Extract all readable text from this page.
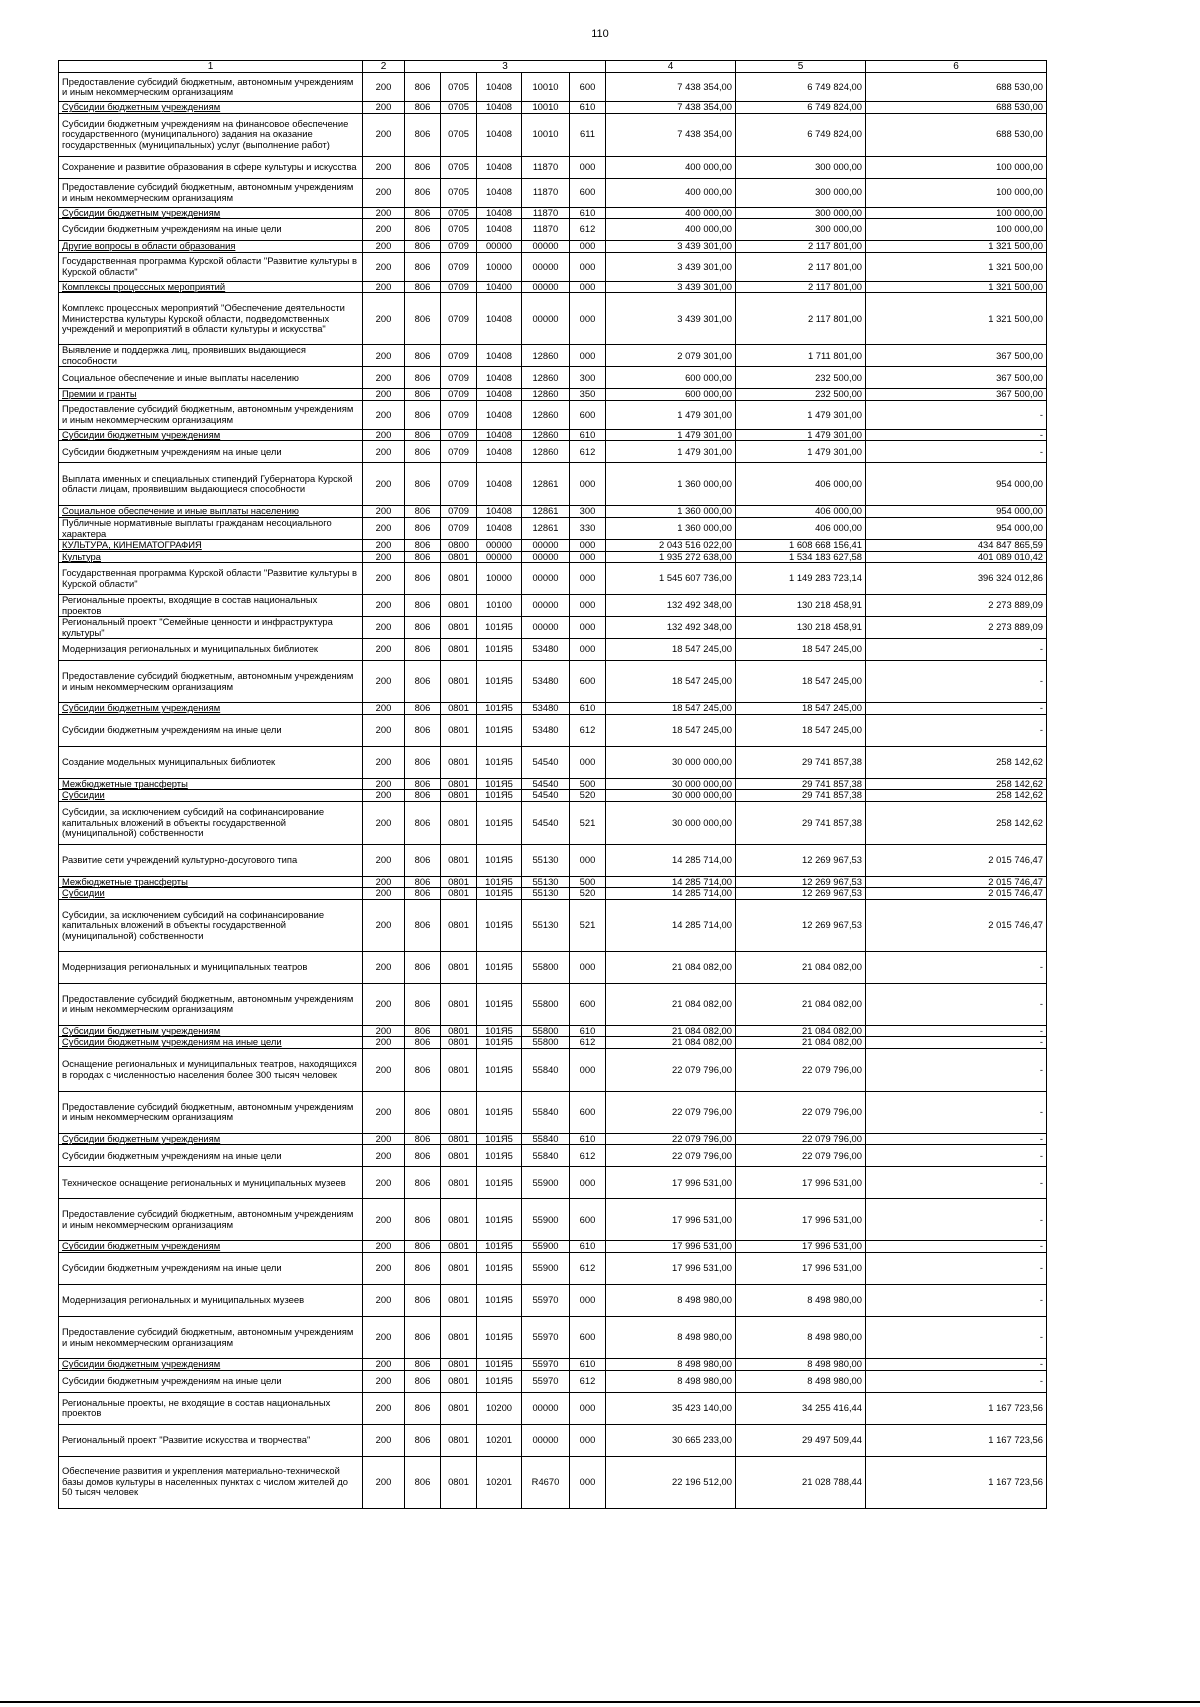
110
1	2	3					4	5	6
Предоставление субсидий бюджетным, автономным учреждениям и иным некоммерческим организациям	200	806	0705	10408	10010	600	7 438 354,00	6 749 824,00	688 530,00
Субсидии бюджетным учреждениям	200	806	0705	10408	10010	610	7 438 354,00	6 749 824,00	688 530,00
Субсидии бюджетным учреждениям на финансовое обеспечение государственного (муниципального) задания на оказание государственных (муниципальных) услуг (выполнение работ)	200	806	0705	10408	10010	611	7 438 354,00	6 749 824,00	688 530,00
Сохранение и развитие образования в сфере культуры и искусства	200	806	0705	10408	11870	000	400 000,00	300 000,00	100 000,00
Предоставление субсидий бюджетным, автономным учреждениям и иным некоммерческим организациям	200	806	0705	10408	11870	600	400 000,00	300 000,00	100 000,00
Субсидии бюджетным учреждениям	200	806	0705	10408	11870	610	400 000,00	300 000,00	100 000,00
Субсидии бюджетным учреждениям на иные цели	200	806	0705	10408	11870	612	400 000,00	300 000,00	100 000,00
Другие вопросы в области образования	200	806	0709	00000	00000	000	3 439 301,00	2 117 801,00	1 321 500,00
Государственная программа Курской области "Развитие культуры в Курской области"	200	806	0709	10000	00000	000	3 439 301,00	2 117 801,00	1 321 500,00
Комплексы процессных мероприятий	200	806	0709	10400	00000	000	3 439 301,00	2 117 801,00	1 321 500,00
Комплекс процессных мероприятий "Обеспечение деятельности Министерства культуры Курской области, подведомственных учреждений и мероприятий в области культуры и искусства"	200	806	0709	10408	00000	000	3 439 301,00	2 117 801,00	1 321 500,00
Выявление и поддержка лиц, проявивших выдающиеся способности	200	806	0709	10408	12860	000	2 079 301,00	1 711 801,00	367 500,00
Социальное обеспечение и иные выплаты населению	200	806	0709	10408	12860	300	600 000,00	232 500,00	367 500,00
Премии и гранты	200	806	0709	10408	12860	350	600 000,00	232 500,00	367 500,00
Предоставление субсидий бюджетным, автономным учреждениям и иным некоммерческим организациям	200	806	0709	10408	12860	600	1 479 301,00	1 479 301,00	-
Субсидии бюджетным учреждениям	200	806	0709	10408	12860	610	1 479 301,00	1 479 301,00	-
Субсидии бюджетным учреждениям на иные цели	200	806	0709	10408	12860	612	1 479 301,00	1 479 301,00	-
Выплата именных и специальных стипендий Губернатора Курской области лицам, проявившим выдающиеся способности	200	806	0709	10408	12861	000	1 360 000,00	406 000,00	954 000,00
Социальное обеспечение и иные выплаты населению	200	806	0709	10408	12861	300	1 360 000,00	406 000,00	954 000,00
Публичные нормативные выплаты гражданам несоциального характера	200	806	0709	10408	12861	330	1 360 000,00	406 000,00	954 000,00
КУЛЬТУРА, КИНЕМАТОГРАФИЯ	200	806	0800	00000	00000	000	2 043 516 022,00	1 608 668 156,41	434 847 865,59
Культура	200	806	0801	00000	00000	000	1 935 272 638,00	1 534 183 627,58	401 089 010,42
Государственная программа Курской области "Развитие культуры в Курской области"	200	806	0801	10000	00000	000	1 545 607 736,00	1 149 283 723,14	396 324 012,86
Региональные проекты, входящие в состав национальных проектов	200	806	0801	10100	00000	000	132 492 348,00	130 218 458,91	2 273 889,09
Региональный проект "Семейные ценности и инфраструктура культуры"	200	806	0801	101Я5	00000	000	132 492 348,00	130 218 458,91	2 273 889,09
Модернизация региональных и муниципальных библиотек	200	806	0801	101Я5	53480	000	18 547 245,00	18 547 245,00	-
Предоставление субсидий бюджетным, автономным учреждениям и иным некоммерческим организациям	200	806	0801	101Я5	53480	600	18 547 245,00	18 547 245,00	-
Субсидии бюджетным учреждениям	200	806	0801	101Я5	53480	610	18 547 245,00	18 547 245,00	-
Субсидии бюджетным учреждениям на иные цели	200	806	0801	101Я5	53480	612	18 547 245,00	18 547 245,00	-
Создание модельных муниципальных библиотек	200	806	0801	101Я5	54540	000	30 000 000,00	29 741 857,38	258 142,62
Межбюджетные трансферты	200	806	0801	101Я5	54540	500	30 000 000,00	29 741 857,38	258 142,62
Субсидии	200	806	0801	101Я5	54540	520	30 000 000,00	29 741 857,38	258 142,62
Субсидии, за исключением субсидий на софинансирование капитальных вложений в объекты государственной (муниципальной) собственности	200	806	0801	101Я5	54540	521	30 000 000,00	29 741 857,38	258 142,62
Развитие сети учреждений культурно-досугового типа	200	806	0801	101Я5	55130	000	14 285 714,00	12 269 967,53	2 015 746,47
Межбюджетные трансферты	200	806	0801	101Я5	55130	500	14 285 714,00	12 269 967,53	2 015 746,47
Субсидии	200	806	0801	101Я5	55130	520	14 285 714,00	12 269 967,53	2 015 746,47
Субсидии, за исключением субсидий на софинансирование капитальных вложений в объекты государственной (муниципальной) собственности	200	806	0801	101Я5	55130	521	14 285 714,00	12 269 967,53	2 015 746,47
Модернизация региональных и муниципальных театров	200	806	0801	101Я5	55800	000	21 084 082,00	21 084 082,00	-
Предоставление субсидий бюджетным, автономным учреждениям и иным некоммерческим организациям	200	806	0801	101Я5	55800	600	21 084 082,00	21 084 082,00	-
Субсидии бюджетным учреждениям	200	806	0801	101Я5	55800	610	21 084 082,00	21 084 082,00	-
Субсидии бюджетным учреждениям на иные цели	200	806	0801	101Я5	55800	612	21 084 082,00	21 084 082,00	-
Оснащение региональных и муниципальных театров, находящихся в городах с численностью населения более 300 тысяч человек	200	806	0801	101Я5	55840	000	22 079 796,00	22 079 796,00	-
Предоставление субсидий бюджетным, автономным учреждениям и иным некоммерческим организациям	200	806	0801	101Я5	55840	600	22 079 796,00	22 079 796,00	-
Субсидии бюджетным учреждениям	200	806	0801	101Я5	55840	610	22 079 796,00	22 079 796,00	-
Субсидии бюджетным учреждениям на иные цели	200	806	0801	101Я5	55840	612	22 079 796,00	22 079 796,00	-
Техническое оснащение региональных и муниципальных музеев	200	806	0801	101Я5	55900	000	17 996 531,00	17 996 531,00	-
Предоставление субсидий бюджетным, автономным учреждениям и иным некоммерческим организациям	200	806	0801	101Я5	55900	600	17 996 531,00	17 996 531,00	-
Субсидии бюджетным учреждениям	200	806	0801	101Я5	55900	610	17 996 531,00	17 996 531,00	-
Субсидии бюджетным учреждениям на иные цели	200	806	0801	101Я5	55900	612	17 996 531,00	17 996 531,00	-
Модернизация региональных и муниципальных музеев	200	806	0801	101Я5	55970	000	8 498 980,00	8 498 980,00	-
Предоставление субсидий бюджетным, автономным учреждениям и иным некоммерческим организациям	200	806	0801	101Я5	55970	600	8 498 980,00	8 498 980,00	-
Субсидии бюджетным учреждениям	200	806	0801	101Я5	55970	610	8 498 980,00	8 498 980,00	-
Субсидии бюджетным учреждениям на иные цели	200	806	0801	101Я5	55970	612	8 498 980,00	8 498 980,00	-
Региональные проекты, не входящие в состав национальных проектов	200	806	0801	10200	00000	000	35 423 140,00	34 255 416,44	1 167 723,56
Региональный проект "Развитие искусства и творчества"	200	806	0801	10201	00000	000	30 665 233,00	29 497 509,44	1 167 723,56
Обеспечение развития и укрепления материально-технической базы домов культуры в населенных пунктах с числом жителей до 50 тысяч человек	200	806	0801	10201	R4670	000	22 196 512,00	21 028 788,44	1 167 723,56
